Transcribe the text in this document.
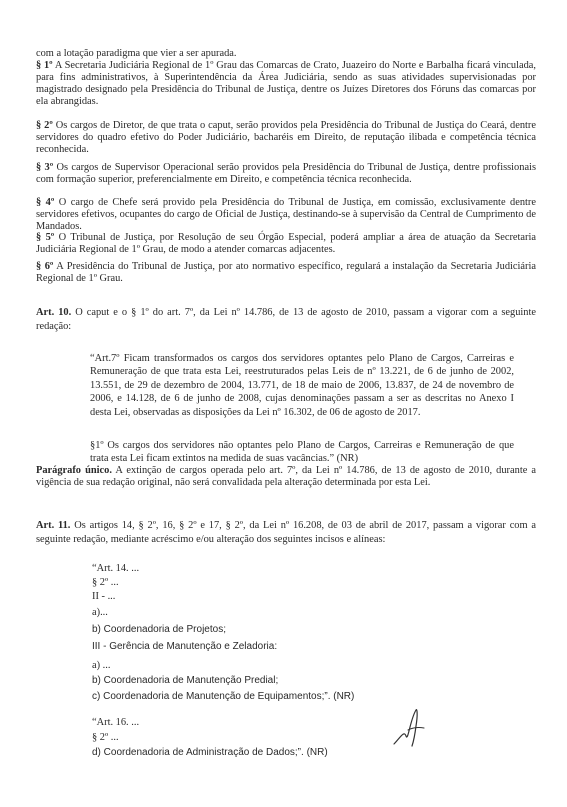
com a lotação paradigma que vier a ser apurada.

§ 1º A Secretaria Judiciária Regional de 1º Grau das Comarcas de Crato, Juazeiro do Norte e Barbalha ficará vinculada, para fins administrativos, à Superintendência da Área Judiciária, sendo as suas atividades supervisionadas por magistrado designado pela Presidência do Tribunal de Justiça, dentre os Juízes Diretores dos Fóruns das comarcas por ela abrangidas.

§ 2º Os cargos de Diretor, de que trata o caput, serão providos pela Presidência do Tribunal de Justiça do Ceará, dentre servidores do quadro efetivo do Poder Judiciário, bacharéis em Direito, de reputação ilibada e competência técnica reconhecida.

§ 3º Os cargos de Supervisor Operacional serão providos pela Presidência do Tribunal de Justiça, dentre profissionais com formação superior, preferencialmente em Direito, e competência técnica reconhecida.

§ 4º O cargo de Chefe será provido pela Presidência do Tribunal de Justiça, em comissão, exclusivamente dentre servidores efetivos, ocupantes do cargo de Oficial de Justiça, destinando-se à supervisão da Central de Cumprimento de Mandados.

§ 5º O Tribunal de Justiça, por Resolução de seu Órgão Especial, poderá ampliar a área de atuação da Secretaria Judiciária Regional de 1º Grau, de modo a atender comarcas adjacentes.

§ 6º A Presidência do Tribunal de Justiça, por ato normativo específico, regulará a instalação da Secretaria Judiciária Regional de 1º Grau.

Art. 10. O caput e o § 1º do art. 7º, da Lei nº 14.786, de 13 de agosto de 2010, passam a vigorar com a seguinte redação:

“Art.7º Ficam transformados os cargos dos servidores optantes pelo Plano de Cargos, Carreiras e Remuneração de que trata esta Lei, reestruturados pelas Leis de nº 13.221, de 6 de junho de 2002, 13.551, de 29 de dezembro de 2004, 13.771, de 18 de maio de 2006, 13.837, de 24 de novembro de 2006, e 14.128, de 6 de junho de 2008, cujas denominações passam a ser as descritas no Anexo I desta Lei, observadas as disposições da Lei nº 16.302, de 06 de agosto de 2017.

§1º Os cargos dos servidores não optantes pelo Plano de Cargos, Carreiras e Remuneração de que trata esta Lei ficam extintos na medida de suas vacâncias.” (NR)

Parágrafo único. A extinção de cargos operada pelo art. 7º, da Lei nº 14.786, de 13 de agosto de 2010, durante a vigência de sua redação original, não será convalidada pela alteração determinada por esta Lei.

Art. 11. Os artigos 14, § 2º, 16, § 2º e 17, § 2º, da Lei nº 16.208, de 03 de abril de 2017, passam a vigorar com a seguinte redação, mediante acréscimo e/ou alteração dos seguintes incisos e alíneas:

“Art. 14. ...

§ 2º ...

II - ...

a)...

b) Coordenadoria de Projetos;

III - Gerência de Manutenção e Zeladoria:

a) ...

b) Coordenadoria de Manutenção Predial;

c) Coordenadoria de Manutenção de Equipamentos;”. (NR)

“Art. 16. ...

§ 2º ...

d) Coordenadoria de Administração de Dados;”. (NR)
